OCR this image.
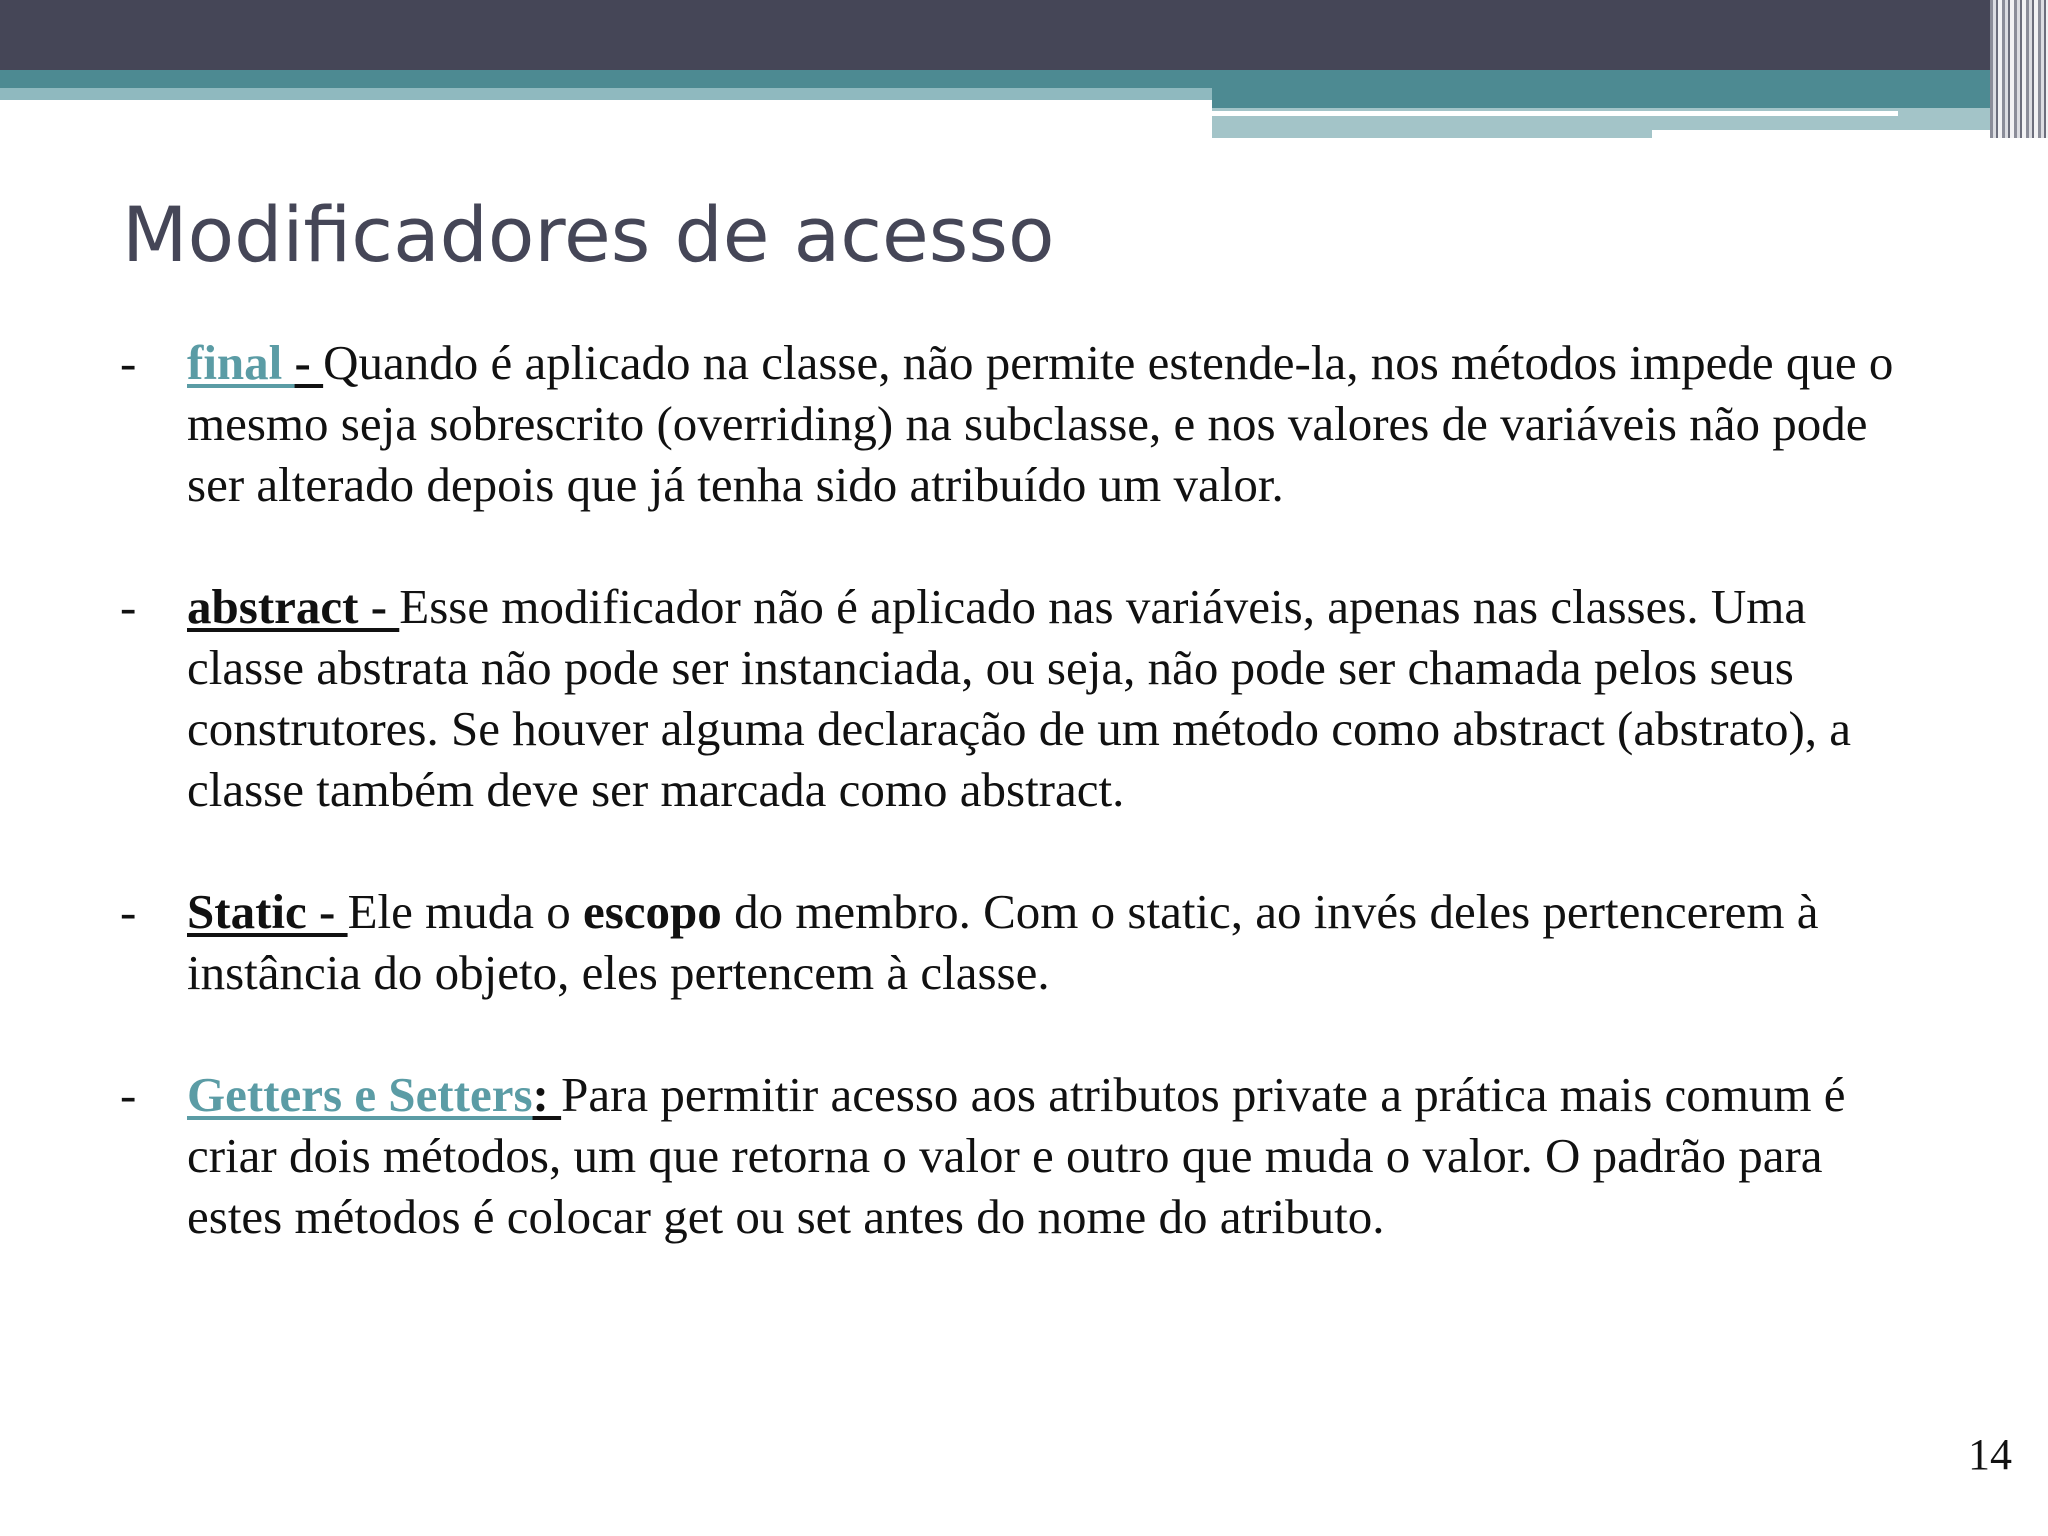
Modificadores de acesso

- final - Quando é aplicado na classe, não permite estende-la, nos métodos impede que o mesmo seja sobrescrito (overriding) na subclasse, e nos valores de variáveis não pode ser alterado depois que já tenha sido atribuído um valor.

- abstract - Esse modificador não é aplicado nas variáveis, apenas nas classes. Uma classe abstrata não pode ser instanciada, ou seja, não pode ser chamada pelos seus construtores. Se houver alguma declaração de um método como abstract (abstrato), a classe também deve ser marcada como abstract.

- Static - Ele muda o escopo do membro. Com o static, ao invés deles pertencerem à instância do objeto, eles pertencem à classe.

- Getters e Setters: Para permitir acesso aos atributos private a prática mais comum é criar dois métodos, um que retorna o valor e outro que muda o valor. O padrão para estes métodos é colocar get ou set antes do nome do atributo.

14
